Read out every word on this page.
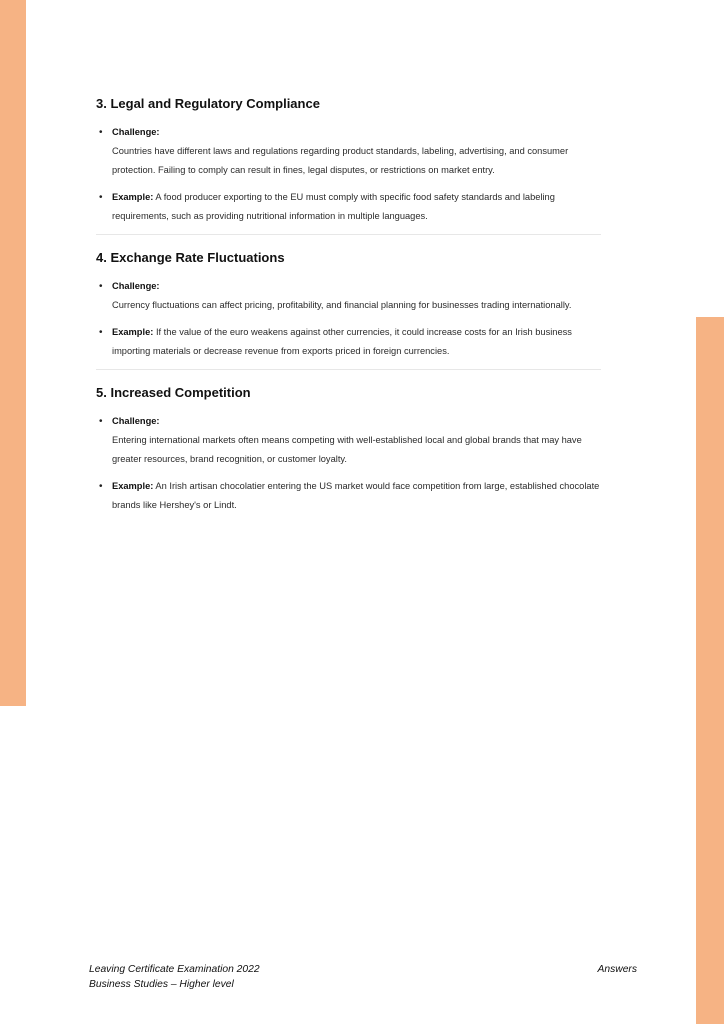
3. Legal and Regulatory Compliance
• Challenge:
Countries have different laws and regulations regarding product standards, labeling, advertising, and consumer protection. Failing to comply can result in fines, legal disputes, or restrictions on market entry.
• Example: A food producer exporting to the EU must comply with specific food safety standards and labeling requirements, such as providing nutritional information in multiple languages.
4. Exchange Rate Fluctuations
• Challenge:
Currency fluctuations can affect pricing, profitability, and financial planning for businesses trading internationally.
• Example: If the value of the euro weakens against other currencies, it could increase costs for an Irish business importing materials or decrease revenue from exports priced in foreign currencies.
5. Increased Competition
• Challenge:
Entering international markets often means competing with well-established local and global brands that may have greater resources, brand recognition, or customer loyalty.
• Example: An Irish artisan chocolatier entering the US market would face competition from large, established chocolate brands like Hershey's or Lindt.
Leaving Certificate Examination 2022
Business Studies – Higher level
Answers
